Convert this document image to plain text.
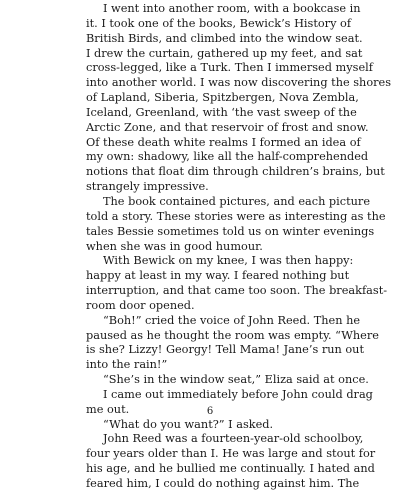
I went into another room, with a bookcase in
it. I took one of the books, Bewick’s History of
British Birds, and climbed into the window seat.
I drew the curtain, gathered up my feet, and sat
cross-legged, like a Turk. Then I immersed myself
into another world. I was now discovering the shores
of Lapland, Siberia, Spitzbergen, Nova Zembla,
Iceland, Greenland, with ‘the vast sweep of the
Arctic Zone, and that reservoir of frost and snow.
Of these death white realms I formed an idea of
my own: shadowy, like all the half-comprehended
notions that float dim through children’s brains, but
strangely impressive.
The book contained pictures, and each picture
told a story. These stories were as interesting as the
tales Bessie sometimes told us on winter evenings
when she was in good humour.
With Bewick on my knee, I was then happy:
happy at least in my way. I feared nothing but
interruption, and that came too soon. The breakfast-
room door opened.
“Boh!” cried the voice of John Reed. Then he
paused as he thought the room was empty. “Where
is she? Lizzy! Georgy! Tell Mama! Jane’s run out
into the rain!”
“She’s in the window seat,” Eliza said at once.
I came out immediately before John could drag
me out.
“What do you want?” I asked.
John Reed was a fourteen-year-old schoolboy,
four years older than I. He was large and stout for
his age, and he bullied me continually. I hated and
feared him, I could do nothing against him. The
6
